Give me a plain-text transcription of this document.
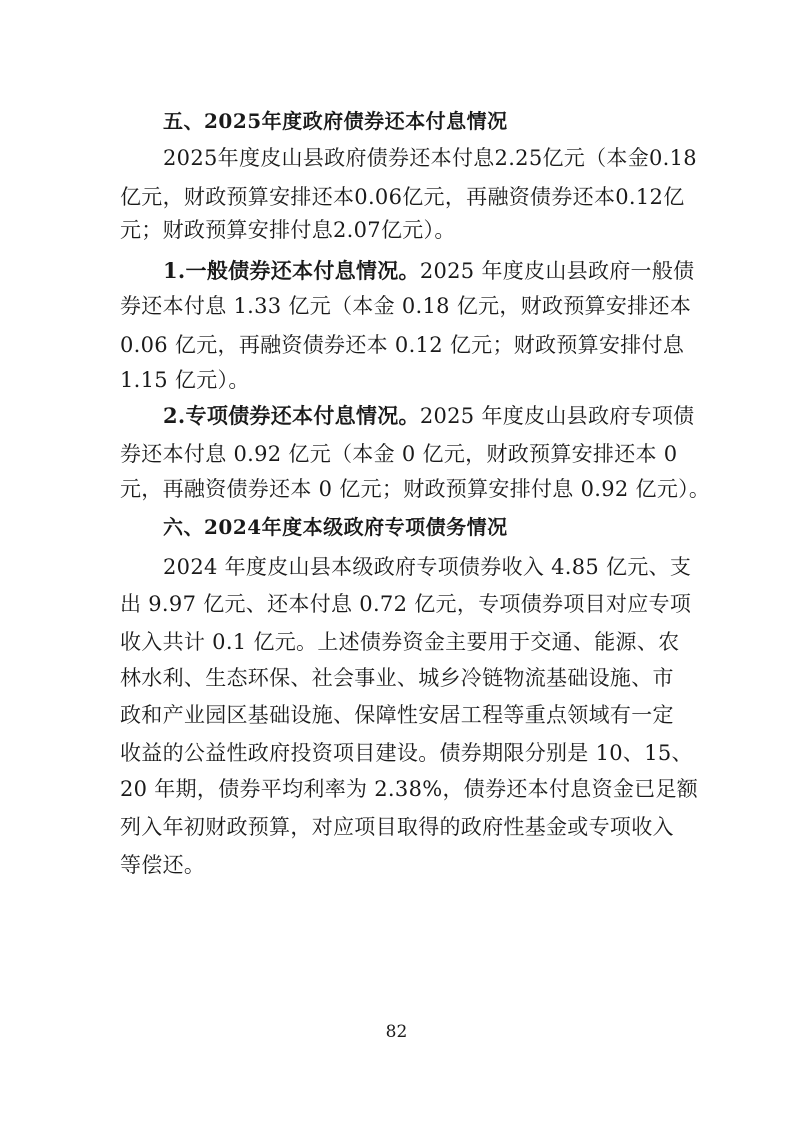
五、2025年度政府债券还本付息情况
2025年度皮山县政府债券还本付息2.25亿元（本金0.18
亿元，财政预算安排还本0.06亿元，再融资债券还本0.12亿
元；财政预算安排付息2.07亿元）。
1.一般债券还本付息情况。2025 年度皮山县政府一般债
券还本付息 1.33 亿元（本金 0.18 亿元，财政预算安排还本
0.06 亿元，再融资债券还本 0.12 亿元；财政预算安排付息
1.15 亿元）。
2.专项债券还本付息情况。2025 年度皮山县政府专项债
券还本付息 0.92 亿元（本金 0 亿元，财政预算安排还本 0
元，再融资债券还本 0 亿元；财政预算安排付息 0.92 亿元）。
六、2024年度本级政府专项债务情况
2024 年度皮山县本级政府专项债券收入 4.85 亿元、支
出 9.97 亿元、还本付息 0.72 亿元，专项债券项目对应专项
收入共计 0.1 亿元。上述债券资金主要用于交通、能源、农
林水利、生态环保、社会事业、城乡冷链物流基础设施、市
政和产业园区基础设施、保障性安居工程等重点领域有一定
收益的公益性政府投资项目建设。债券期限分别是 10、15、
20 年期，债券平均利率为 2.38%，债券还本付息资金已足额
列入年初财政预算，对应项目取得的政府性基金或专项收入
等偿还。
82
